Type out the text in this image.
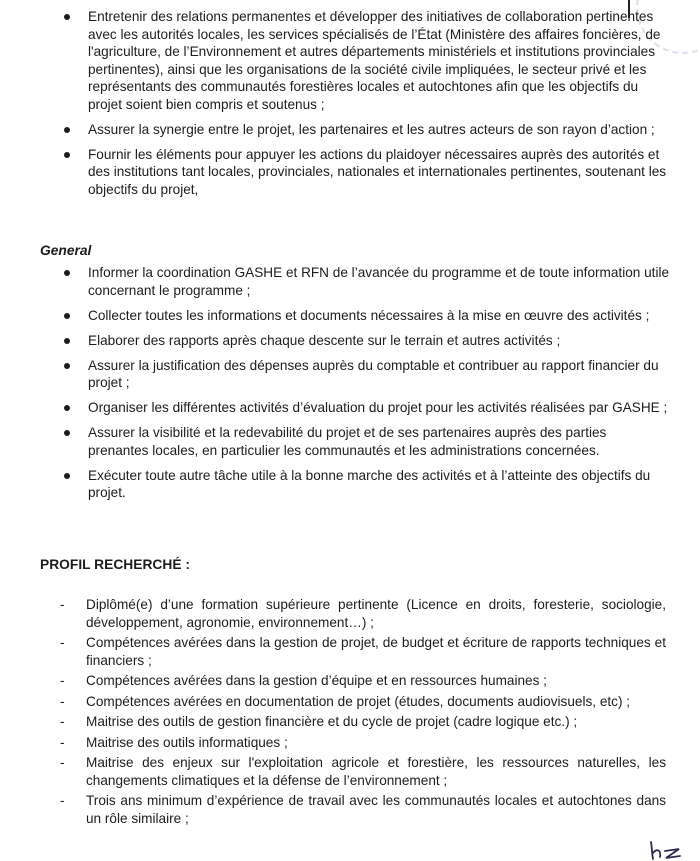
Entretenir des relations permanentes et développer des initiatives de collaboration pertinentes avec les autorités locales, les services spécialisés de l’État (Ministère des affaires foncières, de l'agriculture, de l’Environnement et autres départements ministériels et institutions provinciales pertinentes), ainsi que les organisations de la société civile impliquées, le secteur privé et les représentants des communautés forestières locales et autochtones afin que les objectifs du projet soient bien compris et soutenus ;
Assurer la synergie entre le projet, les partenaires et les autres acteurs de son rayon d’action ;
Fournir les éléments pour appuyer les actions du plaidoyer nécessaires auprès des autorités et des institutions tant locales, provinciales, nationales et internationales pertinentes, soutenant les objectifs du projet,
General
Informer la coordination GASHE et RFN de l’avancée du programme et de toute information utile concernant le programme ;
Collecter toutes les informations et documents nécessaires à la mise en œuvre des activités ;
Elaborer des rapports après chaque descente sur le terrain et autres activités ;
Assurer la justification des dépenses auprès du comptable et contribuer au rapport financier du projet ;
Organiser les différentes activités d’évaluation du projet pour les activités réalisées par GASHE ;
Assurer la visibilité et la redevabilité du projet et de ses partenaires auprès des parties prenantes locales, en particulier les communautés et les administrations concernées.
Exécuter toute autre tâche utile à la bonne marche des activités et à l’atteinte des objectifs du projet.
PROFIL RECHERCHÉ :
- Diplômé(e) d’une formation supérieure pertinente (Licence en droits, foresterie, sociologie, développement, agronomie, environnement…) ;
- Compétences avérées dans la gestion de projet, de budget et écriture de rapports techniques et financiers ;
- Compétences avérées dans la gestion d’équipe et en ressources humaines ;
- Compétences avérées en documentation de projet (études, documents audiovisuels, etc) ;
- Maitrise des outils de gestion financière et du cycle de projet (cadre logique etc.) ;
- Maitrise des outils informatiques ;
- Maitrise des enjeux sur l'exploitation agricole et forestière, les ressources naturelles, les changements climatiques et la défense de l’environnement ;
- Trois ans minimum d’expérience de travail avec les communautés locales et autochtones dans un rôle similaire ;
